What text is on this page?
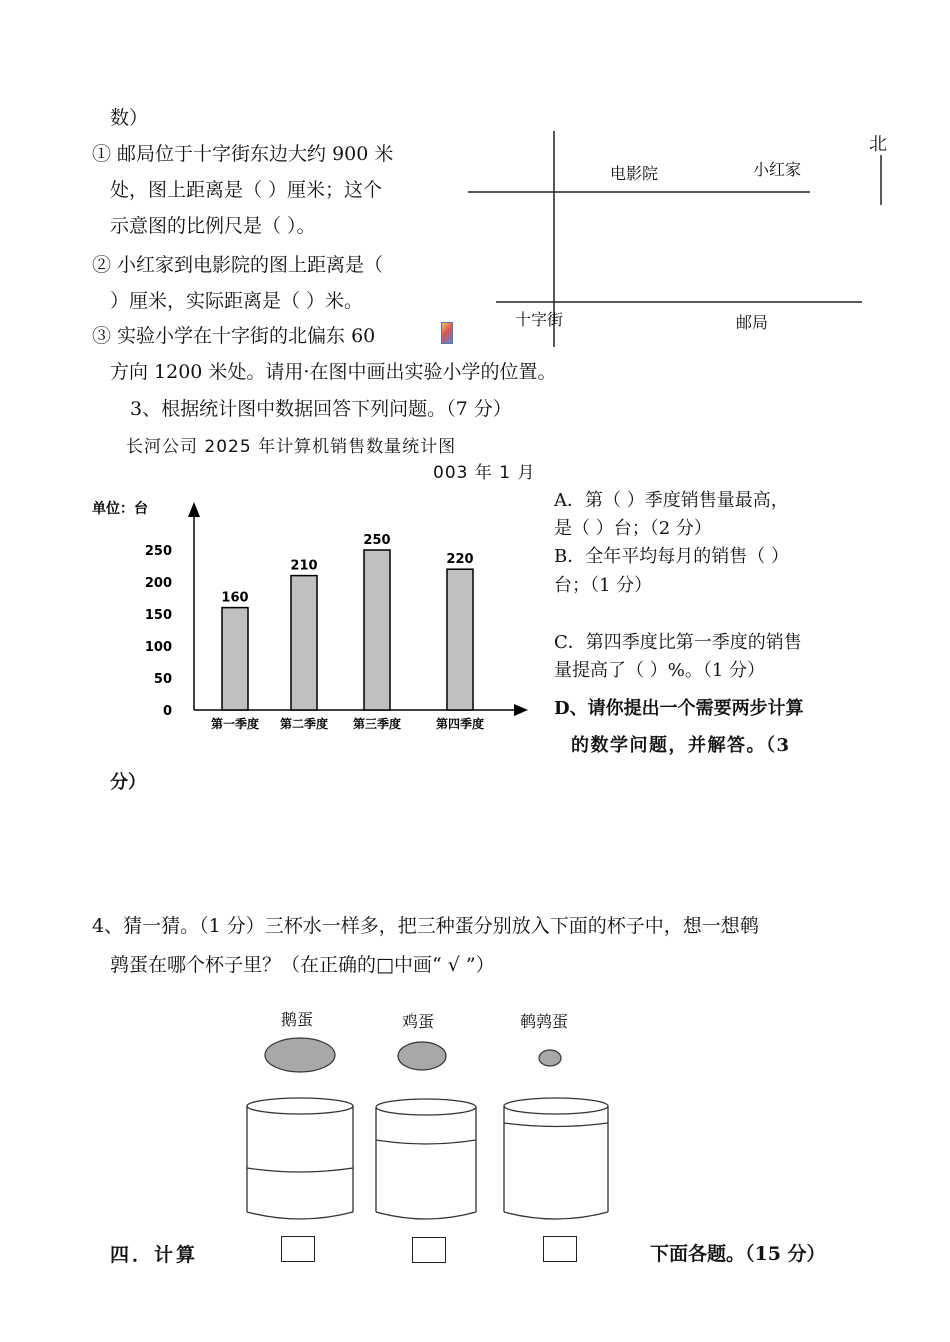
数）
① 邮局位于十字街东边大约 900 米
处，图上距离是（ ）厘米；这个
示意图的比例尺是（ ）。
② 小红家到电影院的图上距离是（
）厘米，实际距离是（ ）米。
③ 实验小学在十字街的北偏东 60
方向 1200 米处。请用·在图中画出实验小学的位置。
北
电影院	小红家
十字街	邮局
3、根据统计图中数据回答下列问题。（7 分）
长河公司 2025 年计算机销售数量统计图
003 年 1 月
单位：台
0
50
100
150
200
250
160
第一季度
210
第二季度
250
第三季度
220
第四季度
A．第（ ）季度销售量最高，
是（ ）台；（2 分）
B．全年平均每月的销售（ ）
台；（1 分）
C．第四季度比第一季度的销售
量提高了（ ）%。（1 分）
D、请你提出一个需要两步计算
的数学问题，并解答。（3
分）
4、猜一猜。（1 分）三杯水一样多，把三种蛋分别放入下面的杯子中，想一想鹌
鹑蛋在哪个杯子里？（在正确的□中画“ √ ”）
鹅蛋	鸡蛋	鹌鹑蛋
四．计算	下面各题。（15 分）
